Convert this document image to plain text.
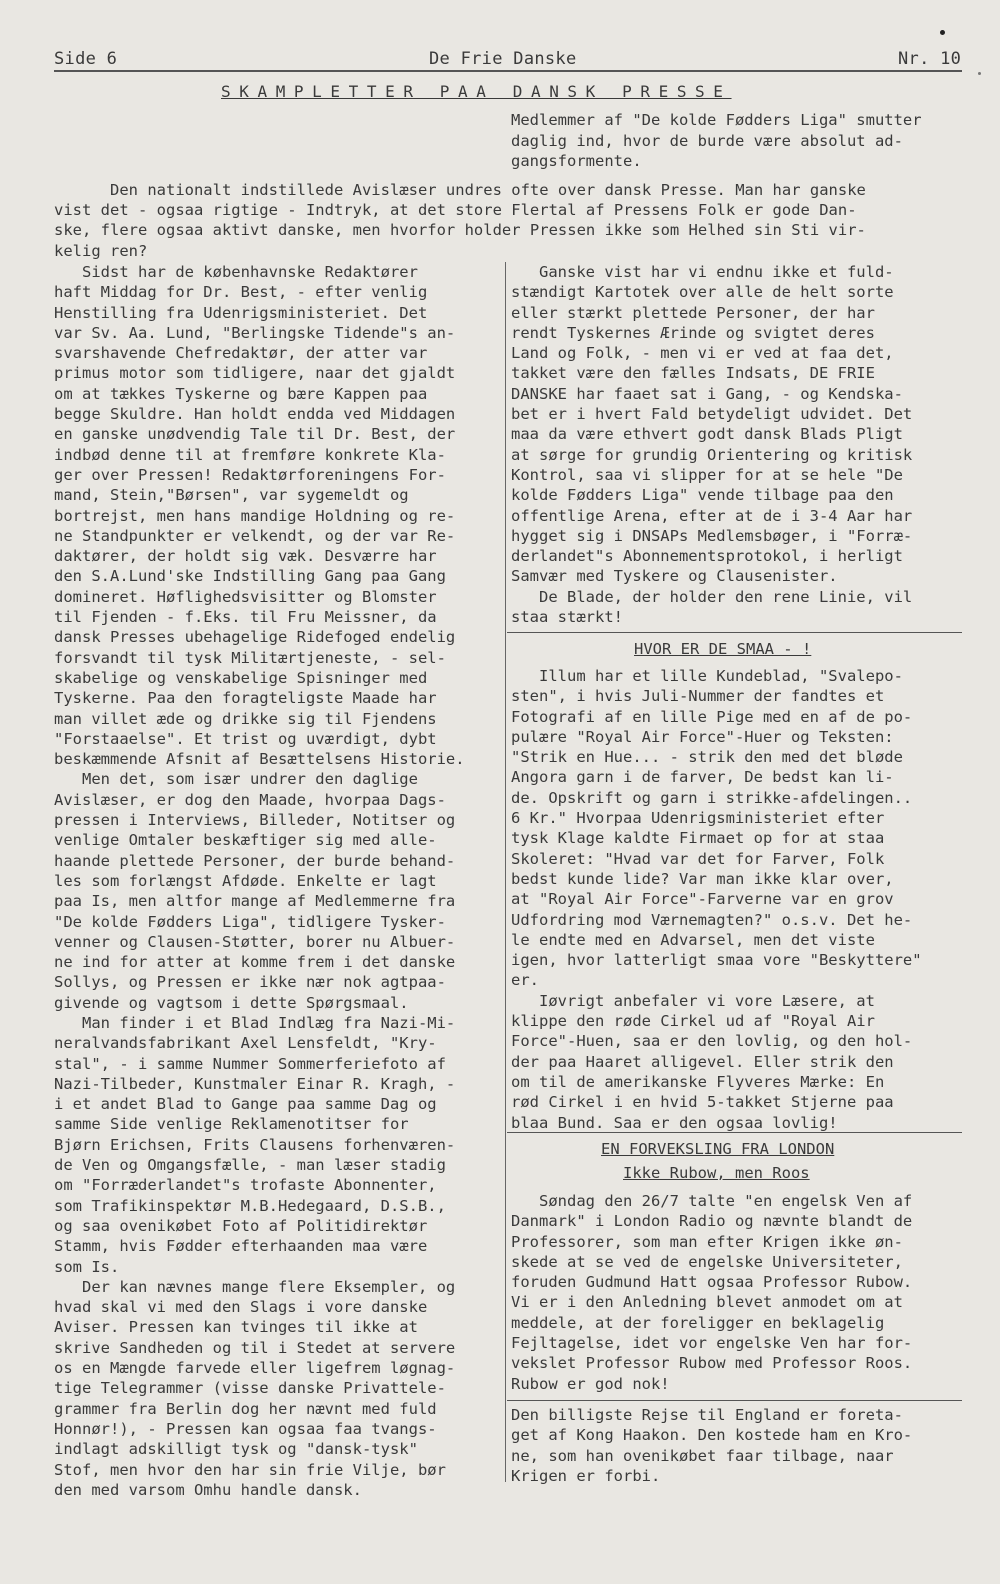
Side 6	De Frie Danske	Nr. 10
SKAMPLETTER PAA DANSK PRESSE
Medlemmer af "De kolde Fødders Liga" smutter
daglig ind, hvor de burde være absolut ad-
gangsformente.
Den nationalt indstillede Avislæser undres ofte over dansk Presse. Man har ganske
vist det - ogsaa rigtige - Indtryk, at det store Flertal af Pressens Folk er gode Dan-
ske, flere ogsaa aktivt danske, men hvorfor holder Pressen ikke som Helhed sin Sti vir-
kelig ren?
Sidst har de københavnske Redaktører
haft Middag for Dr. Best, - efter venlig
Henstilling fra Udenrigsministeriet. Det
var Sv. Aa. Lund, "Berlingske Tidende"s an-
svarshavende Chefredaktør, der atter var
primus motor som tidligere, naar det gjaldt
om at tækkes Tyskerne og bære Kappen paa
begge Skuldre. Han holdt endda ved Middagen
en ganske unødvendig Tale til Dr. Best, der
indbød denne til at fremføre konkrete Kla-
ger over Pressen! Redaktørforeningens For-
mand, Stein,"Børsen", var sygemeldt og
bortrejst, men hans mandige Holdning og re-
ne Standpunkter er velkendt, og der var Re-
daktører, der holdt sig væk. Desværre har
den S.A.Lund'ske Indstilling Gang paa Gang
domineret. Høflighedsvisitter og Blomster
til Fjenden - f.Eks. til Fru Meissner, da
dansk Presses ubehagelige Ridefoged endelig
forsvandt til tysk Militærtjeneste, - sel-
skabelige og venskabelige Spisninger med
Tyskerne. Paa den foragteligste Maade har
man villet æde og drikke sig til Fjendens
"Forstaaelse". Et trist og uværdigt, dybt
beskæmmende Afsnit af Besættelsens Historie.
Men det, som især undrer den daglige
Avislæser, er dog den Maade, hvorpaa Dags-
pressen i Interviews, Billeder, Notitser og
venlige Omtaler beskæftiger sig med alle-
haande plettede Personer, der burde behand-
les som forlængst Afdøde. Enkelte er lagt
paa Is, men altfor mange af Medlemmerne fra
"De kolde Fødders Liga", tidligere Tysker-
venner og Clausen-Støtter, borer nu Albuer-
ne ind for atter at komme frem i det danske
Sollys, og Pressen er ikke nær nok agtpaa-
givende og vagtsom i dette Spørgsmaal.
Man finder i et Blad Indlæg fra Nazi-Mi-
neralvandsfabrikant Axel Lensfeldt, "Kry-
stal", - i samme Nummer Sommerferiefoto af
Nazi-Tilbeder, Kunstmaler Einar R. Kragh, -
i et andet Blad to Gange paa samme Dag og
samme Side venlige Reklamenotitser for
Bjørn Erichsen, Frits Clausens forhenværen-
de Ven og Omgangsfælle, - man læser stadig
om "Forræderlandet"s trofaste Abonnenter,
som Trafikinspektør M.B.Hedegaard, D.S.B.,
og saa ovenikøbet Foto af Politidirektør
Stamm, hvis Fødder efterhaanden maa være
som Is.
Der kan nævnes mange flere Eksempler, og
hvad skal vi med den Slags i vore danske
Aviser. Pressen kan tvinges til ikke at
skrive Sandheden og til i Stedet at servere
os en Mængde farvede eller ligefrem løgnag-
tige Telegrammer (visse danske Privattele-
grammer fra Berlin dog her nævnt med fuld
Honnør!), - Pressen kan ogsaa faa tvangs-
indlagt adskilligt tysk og "dansk-tysk"
Stof, men hvor den har sin frie Vilje, bør
den med varsom Omhu handle dansk.
Ganske vist har vi endnu ikke et fuld-
stændigt Kartotek over alle de helt sorte
eller stærkt plettede Personer, der har
rendt Tyskernes Ærinde og svigtet deres
Land og Folk, - men vi er ved at faa det,
takket være den fælles Indsats, DE FRIE
DANSKE har faaet sat i Gang, - og Kendska-
bet er i hvert Fald betydeligt udvidet. Det
maa da være ethvert godt dansk Blads Pligt
at sørge for grundig Orientering og kritisk
Kontrol, saa vi slipper for at se hele "De
kolde Fødders Liga" vende tilbage paa den
offentlige Arena, efter at de i 3-4 Aar har
hygget sig i DNSAPs Medlemsbøger, i "Forræ-
derlandet"s Abonnementsprotokol, i herligt
Samvær med Tyskere og Clausenister.
De Blade, der holder den rene Linie, vil
staa stærkt!
HVOR ER DE SMAA - !
Illum har et lille Kundeblad, "Svalepo-
sten", i hvis Juli-Nummer der fandtes et
Fotografi af en lille Pige med en af de po-
pulære "Royal Air Force"-Huer og Teksten:
"Strik en Hue... - strik den med det bløde
Angora garn i de farver, De bedst kan li-
de. Opskrift og garn i strikke-afdelingen..
6 Kr." Hvorpaa Udenrigsministeriet efter
tysk Klage kaldte Firmaet op for at staa
Skoleret: "Hvad var det for Farver, Folk
bedst kunde lide? Var man ikke klar over,
at "Royal Air Force"-Farverne var en grov
Udfordring mod Værnemagten?" o.s.v. Det he-
le endte med en Advarsel, men det viste
igen, hvor latterligt smaa vore "Beskyttere"
er.
Iøvrigt anbefaler vi vore Læsere, at
klippe den røde Cirkel ud af "Royal Air
Force"-Huen, saa er den lovlig, og den hol-
der paa Haaret alligevel. Eller strik den
om til de amerikanske Flyveres Mærke: En
rød Cirkel i en hvid 5-takket Stjerne paa
blaa Bund. Saa er den ogsaa lovlig!
EN FORVEKSLING FRA LONDON
Ikke Rubow, men Roos
Søndag den 26/7 talte "en engelsk Ven af
Danmark" i London Radio og nævnte blandt de
Professorer, som man efter Krigen ikke øn-
skede at se ved de engelske Universiteter,
foruden Gudmund Hatt ogsaa Professor Rubow.
Vi er i den Anledning blevet anmodet om at
meddele, at der foreligger en beklagelig
Fejltagelse, idet vor engelske Ven har for-
vekslet Professor Rubow med Professor Roos.
Rubow er god nok!
Den billigste Rejse til England er foreta-
get af Kong Haakon. Den kostede ham en Kro-
ne, som han ovenikøbet faar tilbage, naar
Krigen er forbi.
